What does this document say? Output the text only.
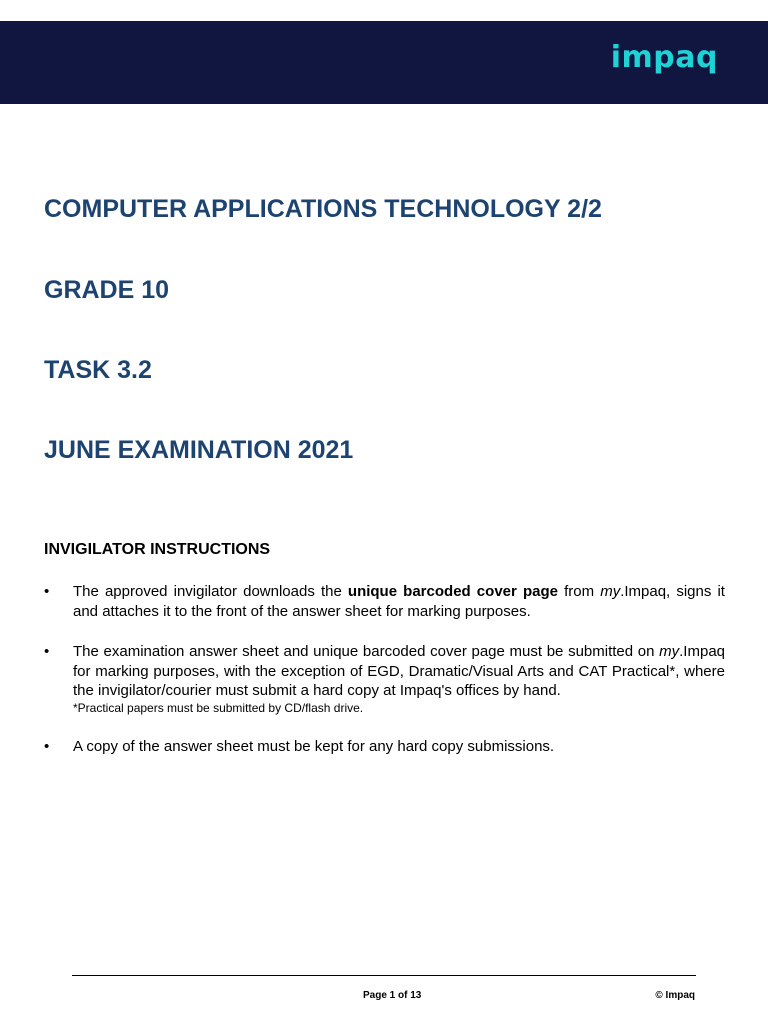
impaq
COMPUTER APPLICATIONS TECHNOLOGY 2/2
GRADE 10
TASK 3.2
JUNE EXAMINATION 2021
INVIGILATOR INSTRUCTIONS
• The approved invigilator downloads the unique barcoded cover page from my.Impaq, signs it and attaches it to the front of the answer sheet for marking purposes.
• The examination answer sheet and unique barcoded cover page must be submitted on my.Impaq for marking purposes, with the exception of EGD, Dramatic/Visual Arts and CAT Practical*, where the invigilator/courier must submit a hard copy at Impaq's offices by hand.
*Practical papers must be submitted by CD/flash drive.
• A copy of the answer sheet must be kept for any hard copy submissions.

Page 1 of 13	© Impaq
